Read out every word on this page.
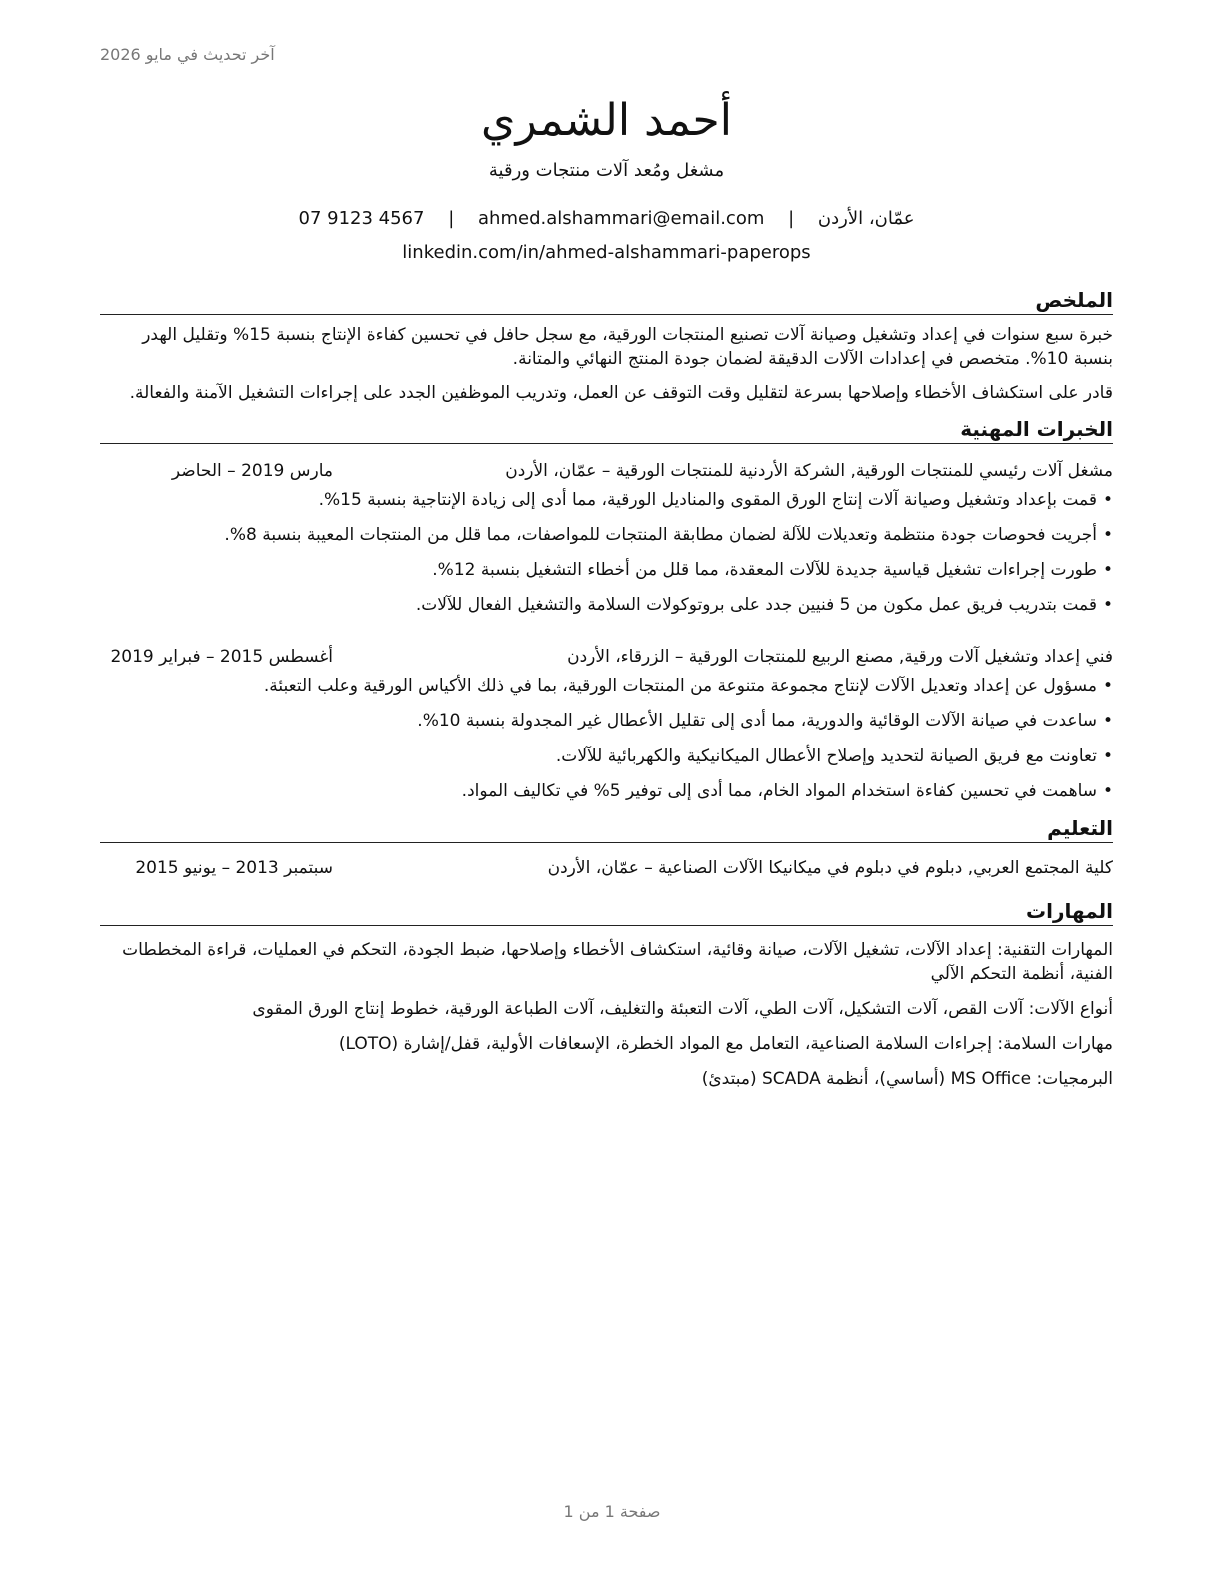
آخر تحديث في مايو 2026
أحمد الشمري
مشغل ومُعد آلات منتجات ورقية
عمّان، الأردن | ahmed.alshammari@email.com | 07 9123 4567
linkedin.com/in/ahmed-alshammari-paperops
الملخص

خبرة سبع سنوات في إعداد وتشغيل وصيانة آلات تصنيع المنتجات الورقية، مع سجل حافل في تحسين كفاءة الإنتاج بنسبة 15% وتقليل الهدر بنسبة 10%. متخصص في إعدادات الآلات الدقيقة لضمان جودة المنتج النهائي والمتانة.

قادر على استكشاف الأخطاء وإصلاحها بسرعة لتقليل وقت التوقف عن العمل، وتدريب الموظفين الجدد على إجراءات التشغيل الآمنة والفعالة.

الخبرات المهنية
مشغل آلات رئيسي للمنتجات الورقية, الشركة الأردنية للمنتجات الورقية – عمّان، الأردن
مارس 2019 – الحاضر
•
قمت بإعداد وتشغيل وصيانة آلات إنتاج الورق المقوى والمناديل الورقية، مما أدى إلى زيادة الإنتاجية بنسبة 15%.
•
أجريت فحوصات جودة منتظمة وتعديلات للآلة لضمان مطابقة المنتجات للمواصفات، مما قلل من المنتجات المعيبة بنسبة 8%.
•
طورت إجراءات تشغيل قياسية جديدة للآلات المعقدة، مما قلل من أخطاء التشغيل بنسبة 12%.
•
قمت بتدريب فريق عمل مكون من 5 فنيين جدد على بروتوكولات السلامة والتشغيل الفعال للآلات.
فني إعداد وتشغيل آلات ورقية, مصنع الربيع للمنتجات الورقية – الزرقاء، الأردن
أغسطس 2015 – فبراير 2019
•
مسؤول عن إعداد وتعديل الآلات لإنتاج مجموعة متنوعة من المنتجات الورقية، بما في ذلك الأكياس الورقية وعلب التعبئة.
•
ساعدت في صيانة الآلات الوقائية والدورية، مما أدى إلى تقليل الأعطال غير المجدولة بنسبة 10%.
•
تعاونت مع فريق الصيانة لتحديد وإصلاح الأعطال الميكانيكية والكهربائية للآلات.
•
ساهمت في تحسين كفاءة استخدام المواد الخام، مما أدى إلى توفير 5% في تكاليف المواد.
التعليم
كلية المجتمع العربي, دبلوم في دبلوم في ميكانيكا الآلات الصناعية – عمّان، الأردن
سبتمبر 2013 – يونيو 2015
المهارات

المهارات التقنية: إعداد الآلات، تشغيل الآلات، صيانة وقائية، استكشاف الأخطاء وإصلاحها، ضبط الجودة، التحكم في العمليات، قراءة المخططات الفنية، أنظمة التحكم الآلي

أنواع الآلات: آلات القص، آلات التشكيل، آلات الطي، آلات التعبئة والتغليف، آلات الطباعة الورقية، خطوط إنتاج الورق المقوى

مهارات السلامة: إجراءات السلامة الصناعية، التعامل مع المواد الخطرة، الإسعافات الأولية، قفل/إشارة (LOTO)

البرمجيات: MS Office (أساسي)، أنظمة SCADA (مبتدئ)

صفحة 1 من 1
